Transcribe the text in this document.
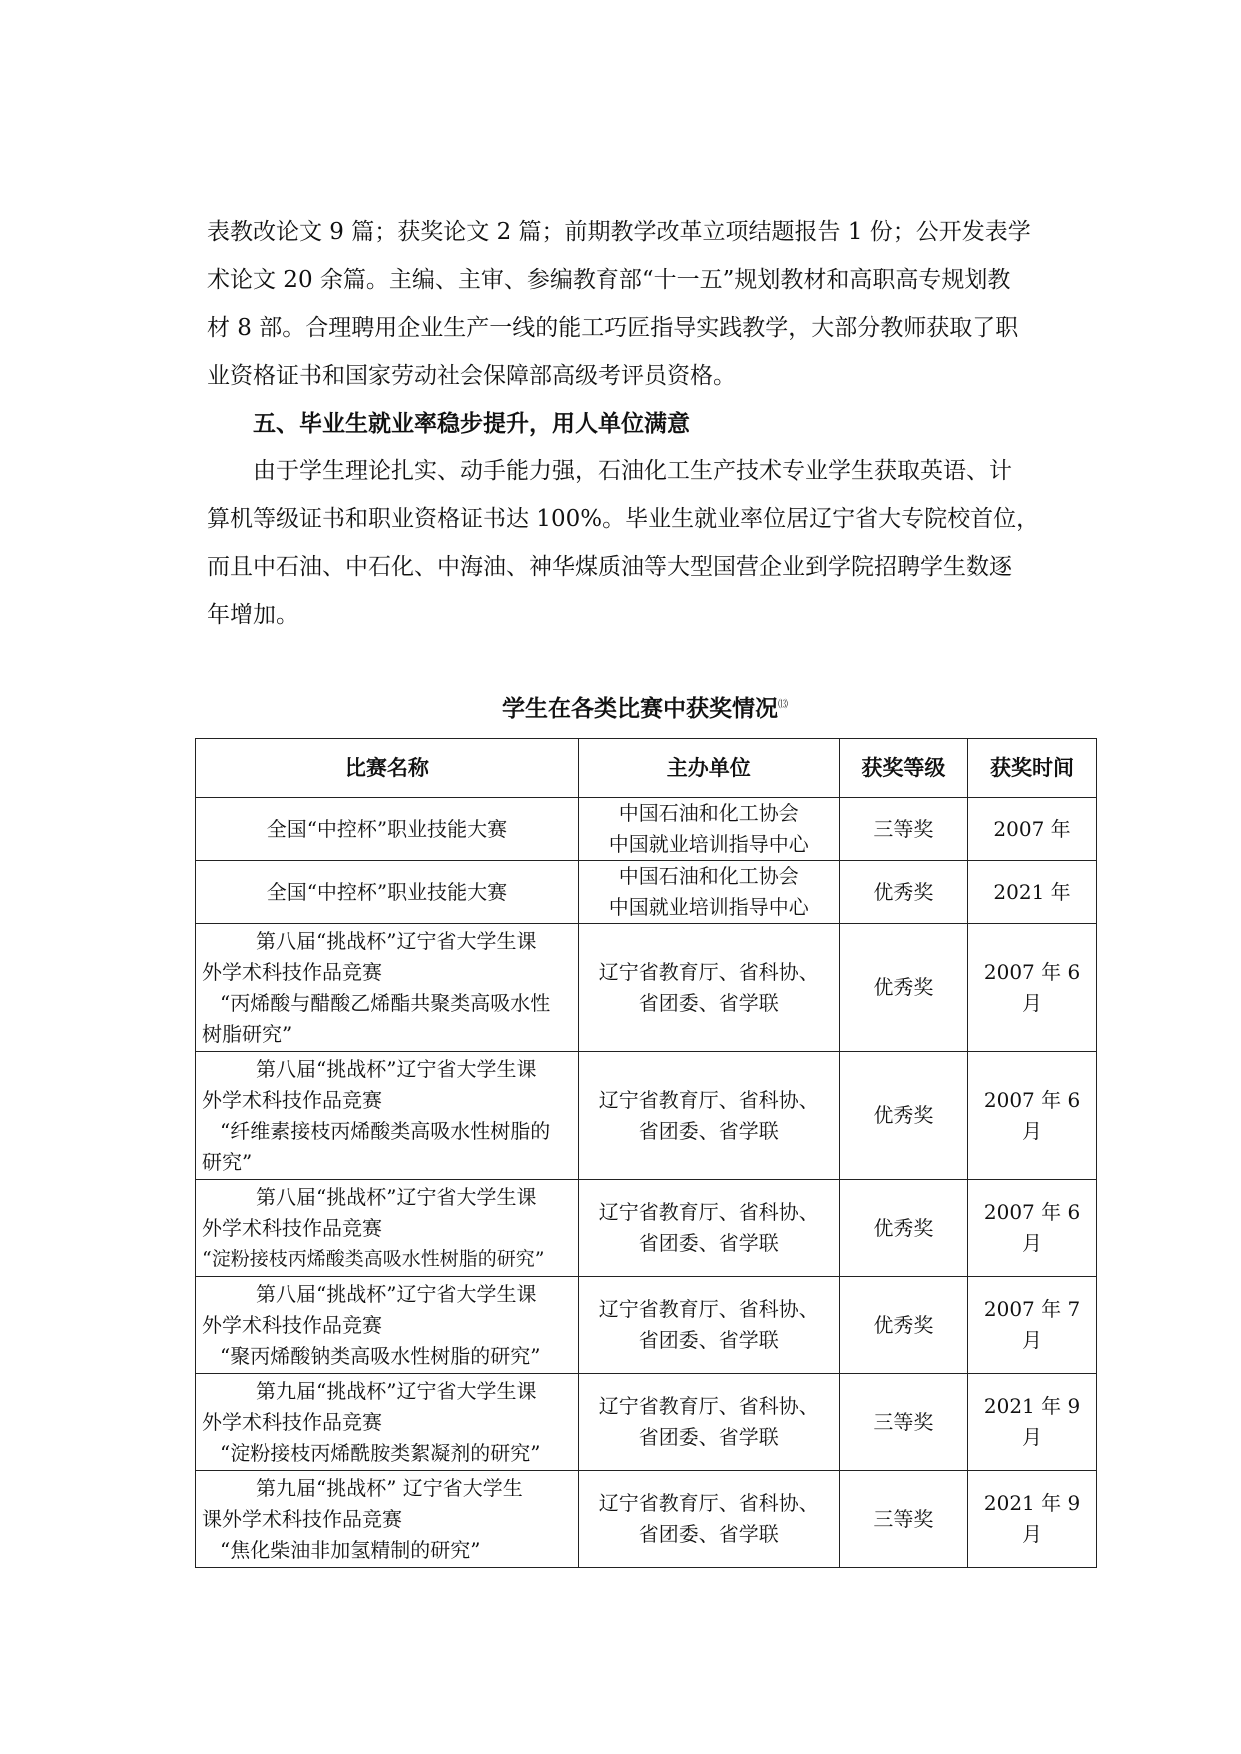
表教改论文 9 篇；获奖论文 2 篇；前期教学改革立项结题报告 1 份；公开发表学
术论文 20 余篇。主编、主审、参编教育部“十一五”规划教材和高职高专规划教
材 8 部。合理聘用企业生产一线的能工巧匠指导实践教学，大部分教师获取了职
业资格证书和国家劳动社会保障部高级考评员资格。
五、毕业生就业率稳步提升，用人单位满意
由于学生理论扎实、动手能力强，石油化工生产技术专业学生获取英语、计
算机等级证书和职业资格证书达 100%。毕业生就业率位居辽宁省大专院校首位，
而且中石油、中石化、中海油、神华煤质油等大型国营企业到学院招聘学生数逐
年增加。

学生在各类比赛中获奖情况⒀

比赛名称	主办单位	获奖等级	获奖时间

全国“中控杯”职业技能大赛	中国石油和化工协会
中国就业培训指导中心	三等奖	2007 年

全国“中控杯”职业技能大赛	中国石油和化工协会
中国就业培训指导中心	优秀奖	2021 年

第八届“挑战杯”辽宁省大学生课
外学术科技作品竞赛
“丙烯酸与醋酸乙烯酯共聚类高吸水性
树脂研究”	辽宁省教育厅、省科协、
省团委、省学联	优秀奖	2007 年 6
月

第八届“挑战杯”辽宁省大学生课
外学术科技作品竞赛
“纤维素接枝丙烯酸类高吸水性树脂的
研究”	辽宁省教育厅、省科协、
省团委、省学联	优秀奖	2007 年 6
月

第八届“挑战杯”辽宁省大学生课
外学术科技作品竞赛
“淀粉接枝丙烯酸类高吸水性树脂的研究”	辽宁省教育厅、省科协、
省团委、省学联	优秀奖	2007 年 6
月

第八届“挑战杯”辽宁省大学生课
外学术科技作品竞赛
“聚丙烯酸钠类高吸水性树脂的研究”	辽宁省教育厅、省科协、
省团委、省学联	优秀奖	2007 年 7
月

第九届“挑战杯”辽宁省大学生课
外学术科技作品竞赛
“淀粉接枝丙烯酰胺类絮凝剂的研究”	辽宁省教育厅、省科协、
省团委、省学联	三等奖	2021 年 9
月

第九届“挑战杯” 辽宁省大学生
课外学术科技作品竞赛
“焦化柴油非加氢精制的研究”	辽宁省教育厅、省科协、
省团委、省学联	三等奖	2021 年 9
月
